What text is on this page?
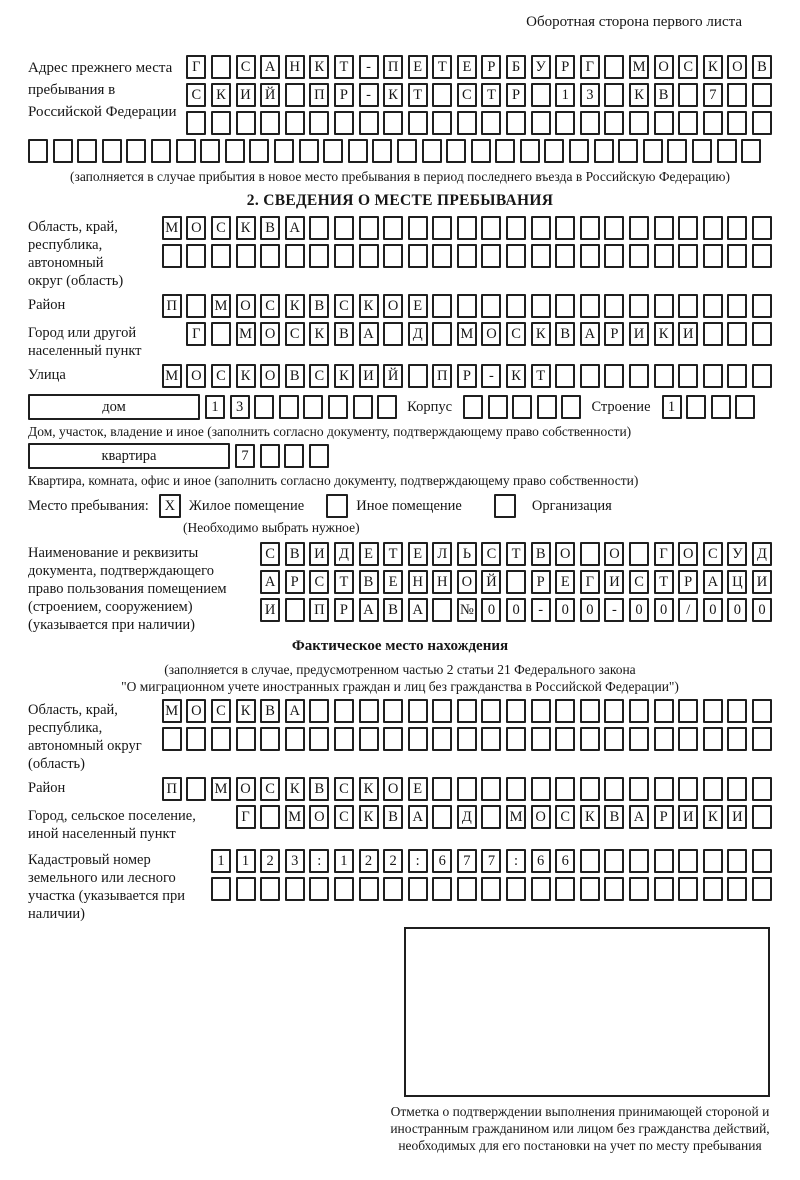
Оборотная сторона первого листа
Адрес прежнего места пребывания в Российской Федерации
Г	С	А Н	К	Т	-	П	Е	Т	Е	Р	Б	У	Р	Г	М О	С	К	О	В
С	К	И Й	П	Р	-	К	Т	С	Т	Р	1	3	К	В	7
(заполняется в случае прибытия в новое место пребывания в период последнего въезда в Российскую Федерацию)
2. СВЕДЕНИЯ О МЕСТЕ ПРЕБЫВАНИЯ
Область, край, республика, автономный округ (область)
М О	С	К	В	А
Район	П	М О	С	К	В	С	К	О	Е
Город или другой населенный пункт
Г	М О	С	К	В	А	Д	М О	С	К	В	А	Р	И	К	И
Улица	М О	С	К	О	В	С	К	И Й	П	Р	-	К	Т
дом	1	3	Корпус	Строение	1
Дом, участок, владение и иное (заполнить согласно документу, подтверждающему право собственности)
квартира	7
Квартира, комната, офис и иное (заполнить согласно документу, подтверждающему право собственности)
Место пребывания:	X Жилое помещение	Иное помещение	Организация
(Необходимо выбрать нужное)
Наименование и реквизиты документа, подтверждающего право пользования помещением (строением, сооружением) (указывается при наличии)
С	В	И Д	Е	Т	Е	Л	Ь	С	Т	В	О	О	Г	О	С	У	Д
А	Р	С	Т	В	Е	Н Н О Й	Р	Е	Г	И	С	Т	Р	А Ц И
И	П	Р	А	В	А	№ 0	0	-	0	0	-	0	0	/	0	0	0
Фактическое место нахождения
(заполняется в случае, предусмотренном частью 2 статьи 21 Федерального закона
"О миграционном учете иностранных граждан и лиц без гражданства в Российской Федерации")
Область, край, республика, автономный округ (область)
М О	С	К	В	А
Район	П	М О	С	К	В	С	К	О	Е
Город, сельское поселение, иной населенный пункт
Г	М О	С	К	В	А	Д	М О	С	К	В	А	Р	И	К	И
Кадастровый номер земельного или лесного участка (указывается при наличии)
1	1	2	3	:	1	2	2	:	6	7	7	:	6	6
Отметка о подтверждении выполнения принимающей стороной и иностранным гражданином или лицом без гражданства действий, необходимых для его постановки на учет по месту пребывания
